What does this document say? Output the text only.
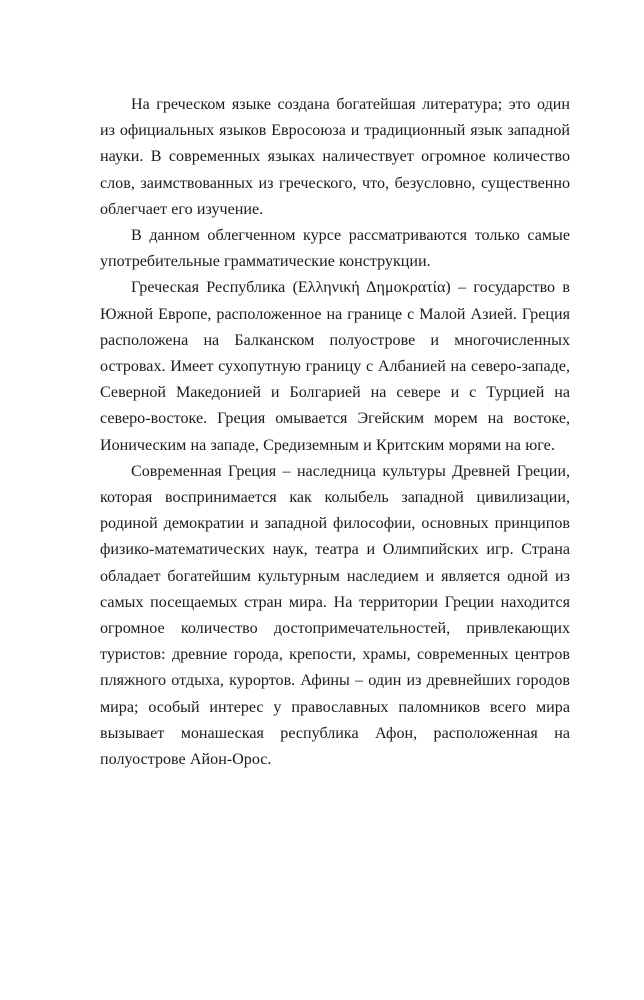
На греческом языке создана богатейшая литература; это один из официальных языков Евросоюза и традиционный язык западной науки. В современных языках наличествует огромное количество слов, заимствованных из греческого, что, безусловно, существенно облегчает его изучение.

В данном облегченном курсе рассматриваются только самые употребительные грамматические конструкции.

Греческая Республика (Ελληνική Δημοκρατία) – государство в Южной Европе, расположенное на границе с Малой Азией. Греция расположена на Балканском полуострове и многочисленных островах. Имеет сухопутную границу с Албанией на северо-западе, Северной Македонией и Болгарией на севере и с Турцией на северо-востоке. Греция омывается Эгейским морем на востоке, Ионическим на западе, Средиземным и Критским морями на юге.

Современная Греция – наследница культуры Древней Греции, которая воспринимается как колыбель западной цивилизации, родиной демократии и западной философии, основных принципов физико-математических наук, театра и Олимпийских игр. Страна обладает богатейшим культурным наследием и является одной из самых посещаемых стран мира. На территории Греции находится огромное количество достопримечательностей, привлекающих туристов: древние города, крепости, храмы, современных центров пляжного отдыха, курортов. Афины – один из древнейших городов мира; особый интерес у православных паломников всего мира вызывает монашеская республика Афон, расположенная на полуострове Айон-Орос.
